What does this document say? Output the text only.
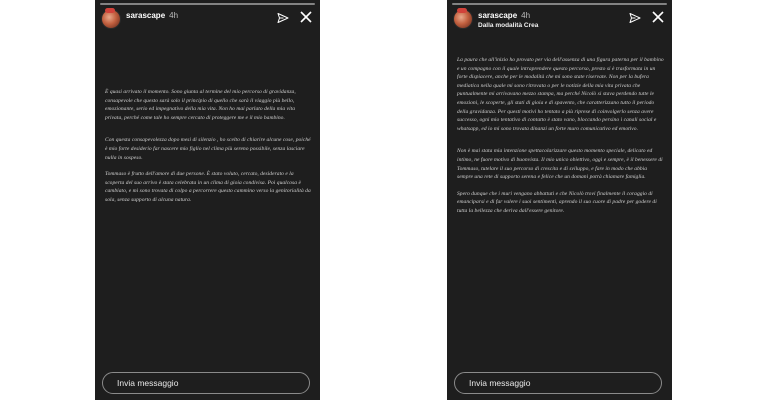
sarascape 4h

È quasi arrivato il momento. Sono giunta al termine del mio percorso di gravidanza, consapevole che questo sarà solo il principio di quello che sarà il viaggio più bello, emozionante, serio ed impegnativo della mia vita. Non ho mai parlato della mia vita privata, perché come tale ho sempre cercato di proteggere me e il mio bambino.

Con questa consapevolezza dopo mesi di silenzio , ho scelto di chiarire alcune cose, poiché è mio forte desiderio far nascere mio figlio nel clima più sereno possibile, senza lasciare nulla in sospeso.

Tommaso è frutto dell'amore di due persone. È stato voluto, cercato, desiderato e la scoperta del suo arrivo è stata celebrata in un clima di gioia condivisa. Poi qualcosa è cambiato, e mi sono trovata di colpo a percorrere questo cammino verso la genitorialità da sola, senza supporto di alcuna natura.

Invia messaggio
sarascape 4h
Dalla modalità Crea

La paura che all'inizio ho provato per via dell'assenza di una figura paterna per il bambino e un compagno con il quale intraprendere questo percorso, presto si è trasformata in un forte dispiacere, anche per le modalità che mi sono state riservate. Non per la bufera mediatica nella quale mi sono ritrovata o per le notizie della mia vita privata che puntualmente mi arrivavano mezzo stampa, ma perché Nicolò si stava perdendo tutte le emozioni, le scoperte, gli stati di gioia e di spavento, che caratterizzano tutto il periodo della gravidanza. Per questi motivi ho tentato a più riprese di coinvolgerlo senza avere successo, ogni mio tentativo di contatto è stato vano, bloccando persino i canali social e whatsapp, ed io mi sono trovata dinanzi un forte muro comunicativo ed emotivo.

Non è mai stata mia intenzione spettacolarizzare questo momento speciale, delicato ed intimo, ne fuore motivo di buonvista. Il mio unico obiettivo, oggi e sempre, è il benessere di Tommaso, tutelare il suo percorso di crescita e di sviluppo, e fare in modo che abbia sempre una rete di supporto serena e felice che un domani potrà chiamare famiglia.

Spero dunque che i muri vengano abbattuti e che Nicolò trovi finalmente il coraggio di emanciparsi e di far valere i suoi sentimenti, aprendo il suo cuore di padre per godere di tutta la bellezza che deriva dall'essere genitore.

Invia messaggio
